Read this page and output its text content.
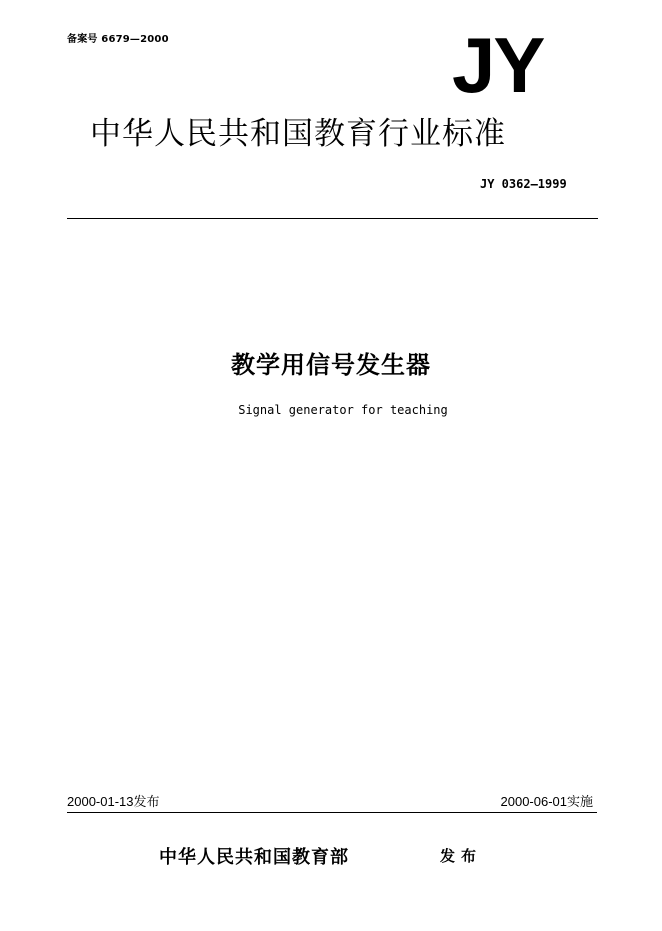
备案号 6679—2000	JY
中华人民共和国教育行业标准
JY 0362—1999
教学用信号发生器
Signal generator for teaching
2000-01-13发布	2000-06-01实施
中华人民共和国教育部	发布
